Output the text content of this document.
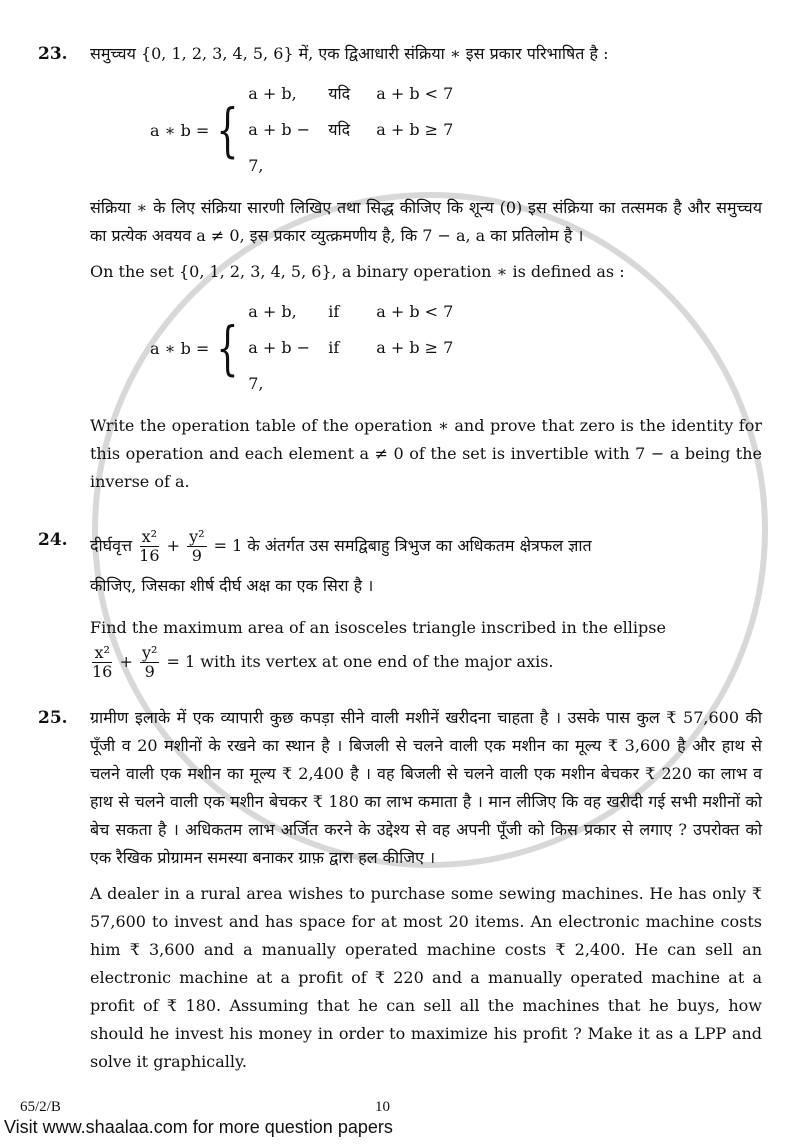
23.	समुच्चय {0, 1, 2, 3, 4, 5, 6} में, एक द्विआधारी संक्रिया ∗ इस प्रकार परिभाषित है :
a ∗ b = {
a + b,	यदि	a + b < 7
a + b − 7,
यदि	a + b ≥ 7
संक्रिया ∗ के लिए संक्रिया सारणी लिखिए तथा सिद्ध कीजिए कि शून्य (0) इस संक्रिया का तत्समक है और समुच्चय का प्रत्येक अवयव a ≠ 0, इस प्रकार व्युत्क्रमणीय है, कि 7 − a, a का प्रतिलोम है ।
On the set {0, 1, 2, 3, 4, 5, 6}, a binary operation ∗ is defined as :
a ∗ b = {
a + b,	if	a + b < 7
a + b − 7,
if	a + b ≥ 7
Write the operation table of the operation ∗ and prove that zero is the identity for this operation and each element a ≠ 0 of the set is invertible with 7 − a being the inverse of a.
24.	दीर्घवृत्त $\frac{\text{x²}}{16} + \frac{\text{y²}}{9} = 1$ के अंतर्गत उस समद्विबाहु त्रिभुज का अधिकतम क्षेत्रफल ज्ञात
कीजिए, जिसका शीर्ष दीर्घ अक्ष का एक सिरा है ।
Find the maximum area of an isosceles triangle inscribed in the ellipse
$\frac{\text{x²}}{16} + \frac{\text{y²}}{9} = 1$ with its vertex at one end of the major axis.
25.	ग्रामीण इलाके में एक व्यापारी कुछ कपड़ा सीने वाली मशीनें खरीदना चाहता है । उसके पास कुल ₹ 57,600 की पूँजी व 20 मशीनों के रखने का स्थान है । बिजली से चलने वाली एक मशीन का मूल्य ₹ 3,600 है और हाथ से चलने वाली एक मशीन का मूल्य ₹ 2,400 है । वह बिजली से चलने वाली एक मशीन बेचकर ₹ 220 का लाभ व हाथ से चलने वाली एक मशीन बेचकर ₹ 180 का लाभ कमाता है । मान लीजिए कि वह खरीदी गई सभी मशीनों को बेच सकता है । अधिकतम लाभ अर्जित करने के उद्देश्य से वह अपनी पूँजी को किस प्रकार से लगाए ? उपरोक्त को एक रैखिक प्रोग्रामन समस्या बनाकर ग्राफ़ द्वारा हल कीजिए ।
A dealer in a rural area wishes to purchase some sewing machines. He has only ₹ 57,600 to invest and has space for at most 20 items. An electronic machine costs him ₹ 3,600 and a manually operated machine costs ₹ 2,400. He can sell an electronic machine at a profit of ₹ 220 and a manually operated machine at a profit of ₹ 180. Assuming that he can sell all the machines that he buys, how should he invest his money in order to maximize his profit ? Make it as a LPP and solve it graphically.
65/2/B	10
Visit www.shaalaa.com for more question papers
